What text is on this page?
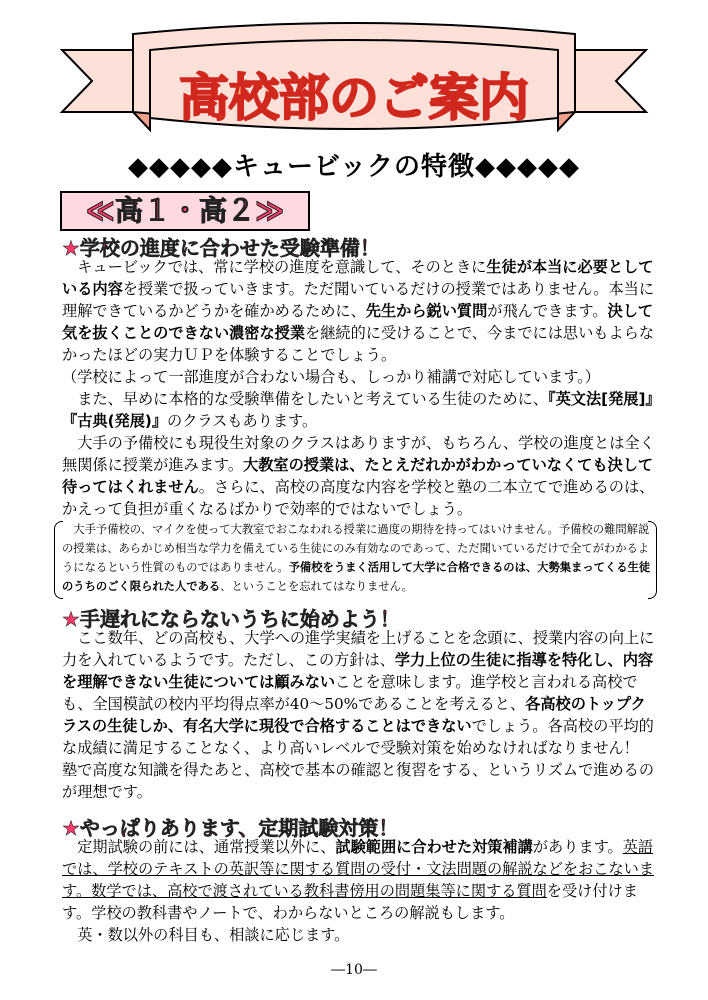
高校部のご案内
◆◆◆◆◆キュービックの特徴◆◆◆◆◆
≪高１・高２≫
★学校の進度に合わせた受験準備！

キュービックでは、常に学校の進度を意識して、そのときに生徒が本当に必要としている内容を授業で扱っていきます。ただ聞いているだけの授業ではありません。本当に理解できているかどうかを確かめるために、先生から鋭い質問が飛んできます。決して気を抜くことのできない濃密な授業を継続的に受けることで、今までには思いもよらなかったほどの実力ＵＰを体験することでしょう。

（学校によって一部進度が合わない場合も、しっかり補講で対応しています。）

また、早めに本格的な受験準備をしたいと考えている生徒のために、『英文法[発展]』『古典(発展)』のクラスもあります。

大手の予備校にも現役生対象のクラスはありますが、もちろん、学校の進度とは全く無関係に授業が進みます。大教室の授業は、たとえだれかがわかっていなくても決して待ってはくれません。さらに、高校の高度な内容を学校と塾の二本立てで進めるのは、かえって負担が重くなるばかりで効率的ではないでしょう。

大手予備校の、マイクを使って大教室でおこなわれる授業に過度の期待を持ってはいけません。予備校の難問解説の授業は、あらかじめ相当な学力を備えている生徒にのみ有効なのであって、ただ聞いているだけで全てがわかるようになるという性質のものではありません。予備校をうまく活用して大学に合格できるのは、大勢集まってくる生徒のうちのごく限られた人である、ということを忘れてはなりません。

★手遅れにならないうちに始めよう！

ここ数年、どの高校も、大学への進学実績を上げることを念頭に、授業内容の向上に力を入れているようです。ただし、この方針は、学力上位の生徒に指導を特化し、内容を理解できない生徒については顧みないことを意味します。進学校と言われる高校でも、全国模試の校内平均得点率が40～50%であることを考えると、各高校のトップクラスの生徒しか、有名大学に現役で合格することはできないでしょう。各高校の平均的な成績に満足することなく、より高いレベルで受験対策を始めなければなりません！　塾で高度な知識を得たあと、高校で基本の確認と復習をする、というリズムで進めるのが理想です。

★やっぱりあります、定期試験対策！

定期試験の前には、通常授業以外に、試験範囲に合わせた対策補講があります。英語では、学校のテキストの英訳等に関する質問の受付・文法問題の解説などをおこないます。数学では、高校で渡されている教科書傍用の問題集等に関する質問を受け付けます。学校の教科書やノートで、わからないところの解説もします。

英・数以外の科目も、相談に応じます。

―10―
